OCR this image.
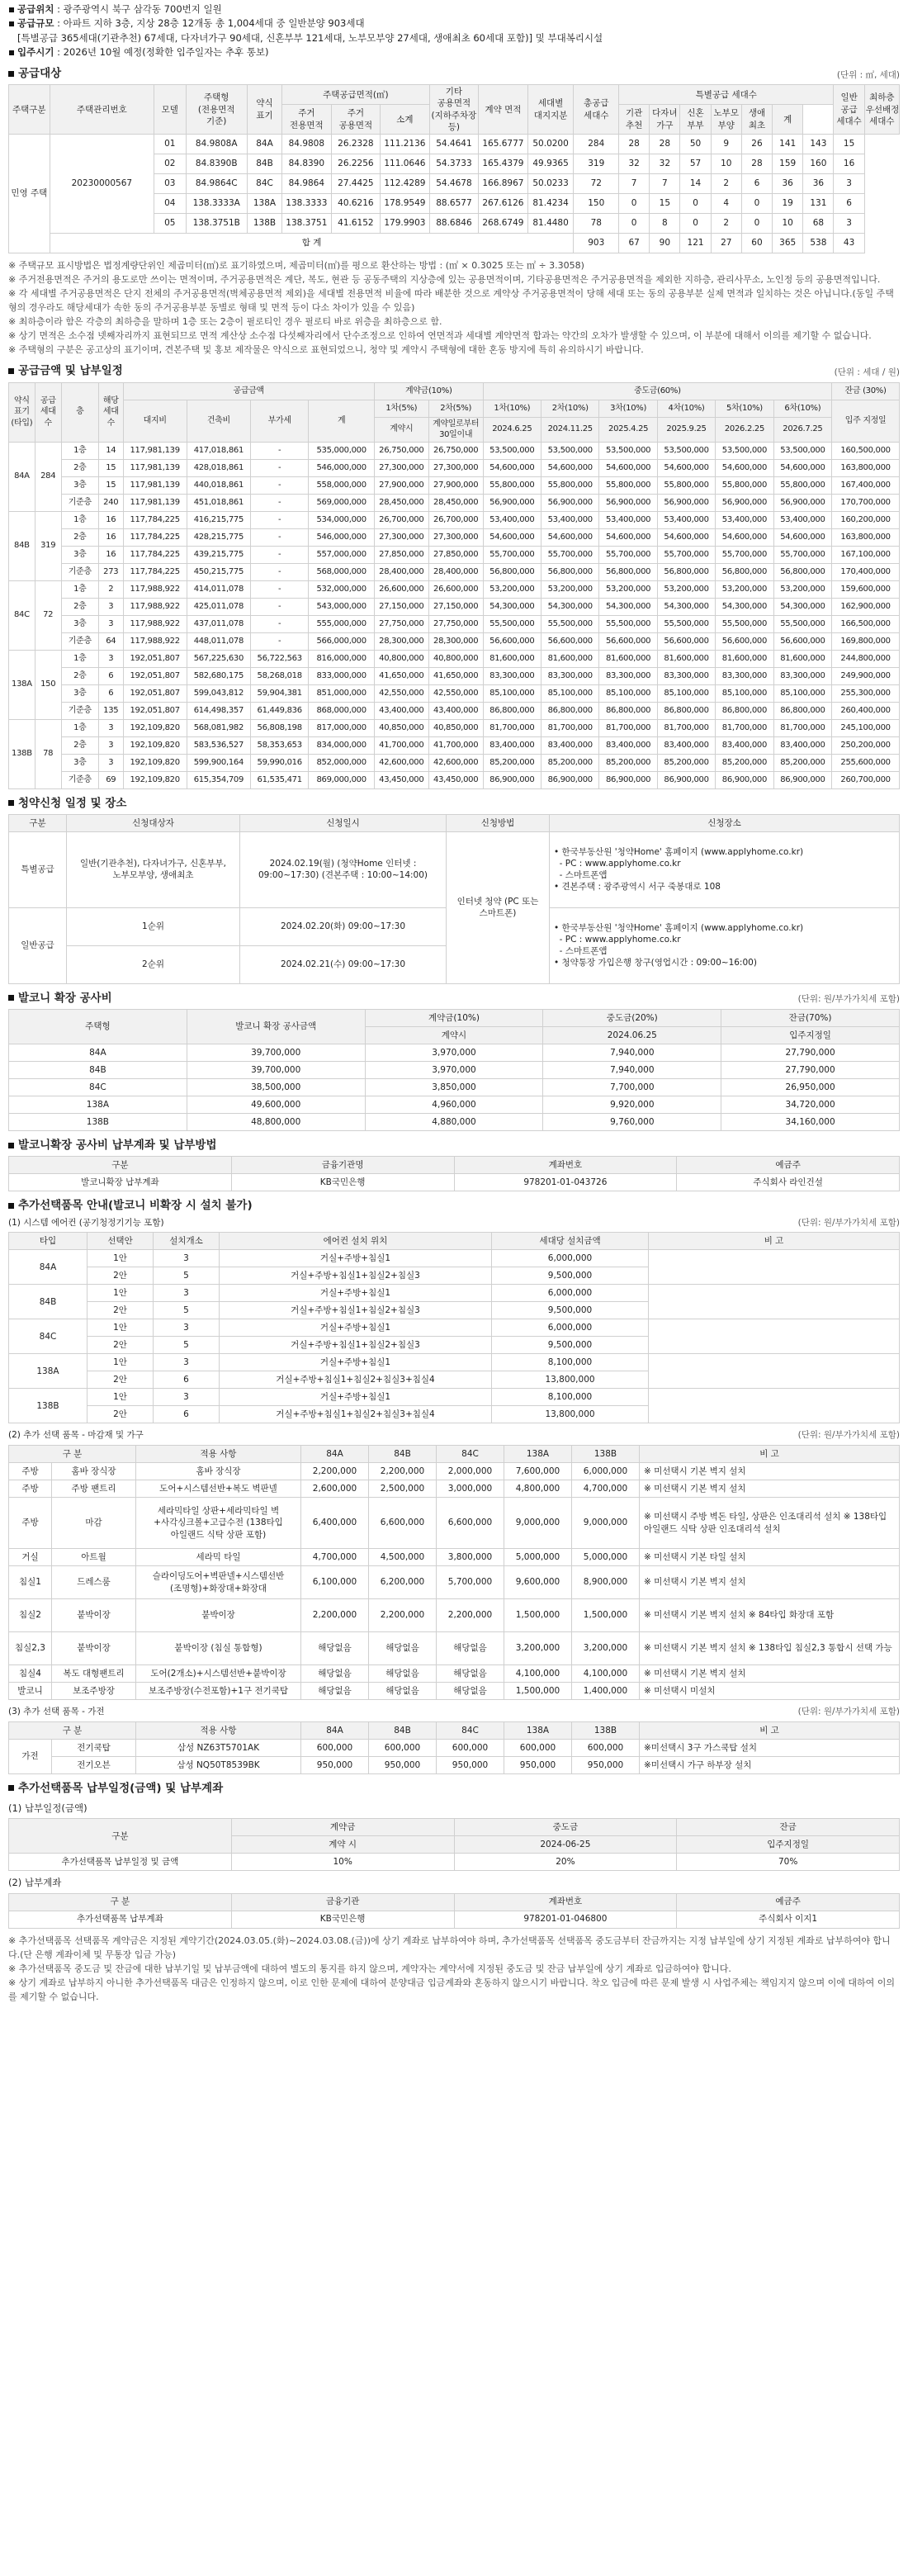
공급위치 : 광주광역시 북구 삼각동 700번지 일원
공급규모 : 아파트 지하 3층, 지상 28층 12개동 총 1,004세대 중 일반분양 903세대
[특별공급 365세대(기관추천) 67세대, 다자녀가구 90세대, 신혼부부 121세대, 노부모부양 27세대, 생애최초 60세대 포함)] 및 부대복리시설
입주시기 : 2026년 10월 예정(정확한 입주일자는 추후 통보)
공급대상	(단위 : ㎡, 세대)
주택구분	주택관리번호	모델	주택형 (전용면적 기준)	약식 표기	주택공급면적(㎡)			기타 공용면적 (지하주차장 등)	계약 면적	세대별 대지지분	총공급 세대수	특별공급 세대수							일반 공급 세대수	최하층 우선배정 세대수
					주거 전용면적	주거 공용면적	소계					기관 추천	다자녀 가구	신혼 부부	노부모 부양	생애 최초	계		

민영 주택	20230000567	01	84.9808A	84A	84.9808	26.2328	111.2136	54.4641	165.6777	50.0200	284	28	28	50	9	26	141	143	15	
		02	84.8390B	84B	84.8390	26.2256	111.0646	54.3733	165.4379	49.9365	319	32	32	57	10	28	159	160	16	
		03	84.9864C	84C	84.9864	27.4425	112.4289	54.4678	166.8967	50.0233	72	7	7	14	2	6	36	36	3	
		04	138.3333A	138A	138.3333	40.6216	178.9549	88.6577	267.6126	81.4234	150	0	15	0	4	0	19	131	6	
		05	138.3751B	138B	138.3751	41.6152	179.9903	88.6846	268.6749	81.4480	78	0	8	0	2	0	10	68	3	
	합 계										903	67	90	121	27	60	365	538	43	
※ 주택규모 표시방법은 법정계량단위인 제곱미터(㎡)로 표기하였으며, 제곱미터(㎡)를 평으로 환산하는 방법 : (㎡ × 0.3025 또는 ㎡ ÷ 3.3058)
※ 주거전용면적은 주거의 용도로만 쓰이는 면적이며, 주거공용면적은 계단, 복도, 현관 등 공동주택의 지상층에 있는 공용면적이며, 기타공용면적은 주거공용면적을 제외한 지하층, 관리사무소, 노인정 등의 공용면적입니다.
※ 각 세대별 주거공용면적은 단지 전체의 주거공용면적(벽체공용면적 제외)을 세대별 전용면적 비율에 따라 배분한 것으로 계약상 주거공용면적이 당해 세대 또는 동의 공용부분 실제 면적과 일치하는 것은 아닙니다.(동일 주택형의 경우라도 해당세대가 속한 동의 주거공용부분 동별로 형태 및 면적 등이 다소 차이가 있을 수 있음)
※ 최하층이라 함은 각층의 최하층을 말하며 1층 또는 2층이 필로티인 경우 필로티 바로 위층을 최하층으로 함.
※ 상기 면적은 소수점 넷째자리까지 표현되므로 면적 계산상 소수점 다섯째자리에서 단수조정으로 인하여 연면적과 세대별 계약면적 합과는 약간의 오차가 발생할 수 있으며, 이 부분에 대해서 이의를 제기할 수 없습니다.
※ 주택형의 구분은 공고상의 표기이며, 견본주택 및 홍보 제작물은 약식으로 표현되었으니, 청약 및 계약시 주택형에 대한 혼동 방지에 특히 유의하시기 바랍니다.
공급금액 및 납부일정	(단위 : 세대 / 원)
약식 표기 (타입)	공급 세대 수	층	해당 세대 수	공급금액				계약금(10%)		중도금(60%)						잔금 (30%)
				대지비	건축비	부가세	계	1차(5%)	2차(5%)	1차(10%)	2차(10%)	3차(10%)	4차(10%)	5차(10%)	6차(10%)	입주 지정일
								계약시	계약일로부터 30일이내	2024.6.25	2024.11.25	2025.4.25	2025.9.25	2026.2.25	2026.7.25	
84A	284	1층	14	117,981,139	417,018,861	-	535,000,000	26,750,000	26,750,000	53,500,000	53,500,000	53,500,000	53,500,000	53,500,000	53,500,000	160,500,000
		2층	15	117,981,139	428,018,861	-	546,000,000	27,300,000	27,300,000	54,600,000	54,600,000	54,600,000	54,600,000	54,600,000	54,600,000	163,800,000
		3층	15	117,981,139	440,018,861	-	558,000,000	27,900,000	27,900,000	55,800,000	55,800,000	55,800,000	55,800,000	55,800,000	55,800,000	167,400,000
		기준층	240	117,981,139	451,018,861	-	569,000,000	28,450,000	28,450,000	56,900,000	56,900,000	56,900,000	56,900,000	56,900,000	56,900,000	170,700,000
84B	319	1층	16	117,784,225	416,215,775	-	534,000,000	26,700,000	26,700,000	53,400,000	53,400,000	53,400,000	53,400,000	53,400,000	53,400,000	160,200,000
		2층	16	117,784,225	428,215,775	-	546,000,000	27,300,000	27,300,000	54,600,000	54,600,000	54,600,000	54,600,000	54,600,000	54,600,000	163,800,000
		3층	16	117,784,225	439,215,775	-	557,000,000	27,850,000	27,850,000	55,700,000	55,700,000	55,700,000	55,700,000	55,700,000	55,700,000	167,100,000
		기준층	273	117,784,225	450,215,775	-	568,000,000	28,400,000	28,400,000	56,800,000	56,800,000	56,800,000	56,800,000	56,800,000	56,800,000	170,400,000
84C	72	1층	2	117,988,922	414,011,078	-	532,000,000	26,600,000	26,600,000	53,200,000	53,200,000	53,200,000	53,200,000	53,200,000	53,200,000	159,600,000
		2층	3	117,988,922	425,011,078	-	543,000,000	27,150,000	27,150,000	54,300,000	54,300,000	54,300,000	54,300,000	54,300,000	54,300,000	162,900,000
		3층	3	117,988,922	437,011,078	-	555,000,000	27,750,000	27,750,000	55,500,000	55,500,000	55,500,000	55,500,000	55,500,000	55,500,000	166,500,000
		기준층	64	117,988,922	448,011,078	-	566,000,000	28,300,000	28,300,000	56,600,000	56,600,000	56,600,000	56,600,000	56,600,000	56,600,000	169,800,000
138A	150	1층	3	192,051,807	567,225,630	56,722,563	816,000,000	40,800,000	40,800,000	81,600,000	81,600,000	81,600,000	81,600,000	81,600,000	81,600,000	244,800,000
		2층	6	192,051,807	582,680,175	58,268,018	833,000,000	41,650,000	41,650,000	83,300,000	83,300,000	83,300,000	83,300,000	83,300,000	83,300,000	249,900,000
		3층	6	192,051,807	599,043,812	59,904,381	851,000,000	42,550,000	42,550,000	85,100,000	85,100,000	85,100,000	85,100,000	85,100,000	85,100,000	255,300,000
		기준층	135	192,051,807	614,498,357	61,449,836	868,000,000	43,400,000	43,400,000	86,800,000	86,800,000	86,800,000	86,800,000	86,800,000	86,800,000	260,400,000
138B	78	1층	3	192,109,820	568,081,982	56,808,198	817,000,000	40,850,000	40,850,000	81,700,000	81,700,000	81,700,000	81,700,000	81,700,000	81,700,000	245,100,000
		2층	3	192,109,820	583,536,527	58,353,653	834,000,000	41,700,000	41,700,000	83,400,000	83,400,000	83,400,000	83,400,000	83,400,000	83,400,000	250,200,000
		3층	3	192,109,820	599,900,164	59,990,016	852,000,000	42,600,000	42,600,000	85,200,000	85,200,000	85,200,000	85,200,000	85,200,000	85,200,000	255,600,000
		기준층	69	192,109,820	615,354,709	61,535,471	869,000,000	43,450,000	43,450,000	86,900,000	86,900,000	86,900,000	86,900,000	86,900,000	86,900,000	260,700,000
청약신청 일정 및 장소
구분	신청대상자	신청일시	신청방법	신청장소
특별공급	일반(기관추천), 다자녀가구, 신혼부부, 노부모부양, 생애최초	2024.02.19(월) (청약Home 인터넷 : 09:00~17:30) (견본주택 : 10:00~14:00)	인터넷 청약 (PC 또는 스마트폰)	• 한국부동산원 '청약Home' 홈페이지 (www.applyhome.co.kr)
- PC : www.applyhome.co.kr
- 스마트폰앱
• 견본주택 : 광주광역시 서구 죽봉대로 108

일반공급	1순위	2024.02.20(화) 09:00~17:30		• 한국부동산원 '청약Home' 홈페이지 (www.applyhome.co.kr)
- PC : www.applyhome.co.kr
- 스마트폰앱
• 청약통장 가입은행 창구(영업시간 : 09:00~16:00)

	2순위	2024.02.21(수) 09:00~17:30		
발코니 확장 공사비	(단위: 원/부가가치세 포함)
주택형	발코니 확장 공사금액	계약금(10%)	중도금(20%)	잔금(70%)
		계약시	2024.06.25	입주지정일
84A	39,700,000	3,970,000	7,940,000	27,790,000
84B	39,700,000	3,970,000	7,940,000	27,790,000
84C	38,500,000	3,850,000	7,700,000	26,950,000
138A	49,600,000	4,960,000	9,920,000	34,720,000
138B	48,800,000	4,880,000	9,760,000	34,160,000
발코니확장 공사비 납부계좌 및 납부방법
구분	금융기관명	계좌번호	예금주
발코니확장 납부계좌	KB국민은행	978201-01-043726	주식회사 라인건설
추가선택품목 안내(발코니 비확장 시 설치 불가)
(1) 시스템 에어컨 (공기청정기기능 포함)	(단위: 원/부가가치세 포함)
타입	선택안	설치개소	에어컨 설치 위치	세대당 설치금액	비 고
84A	1안	3	거실+주방+침실1	6,000,000	
	2안	5	거실+주방+침실1+침실2+침실3	9,500,000	
84B	1안	3	거실+주방+침실1	6,000,000	
	2안	5	거실+주방+침실1+침실2+침실3	9,500,000	
84C	1안	3	거실+주방+침실1	6,000,000	
	2안	5	거실+주방+침실1+침실2+침실3	9,500,000	
138A	1안	3	거실+주방+침실1	8,100,000	
	2안	6	거실+주방+침실1+침실2+침실3+침실4	13,800,000	
138B	1안	3	거실+주방+침실1	8,100,000	
	2안	6	거실+주방+침실1+침실2+침실3+침실4	13,800,000	
(2) 추가 선택 품목 - 마감재 및 가구	(단위: 원/부가가치세 포함)
구 분		적용 사항	84A	84B	84C	138A	138B	비 고
주방	홈바 장식장	홈바 장식장	2,200,000	2,200,000	2,000,000	7,600,000	6,000,000	※ 미선택시 기본 벽지 설치
주방	주방 팬트리	도어+시스템선반+복도 벽판넬	2,600,000	2,500,000	3,000,000	4,800,000	4,700,000	※ 미선택시 기본 벽지 설치
주방	마감	세라믹타일 상판+세라믹타일 벽 +사각싱크볼+고급수전 (138타입 아일랜드 식탁 상판 포함)	6,400,000	6,600,000	6,600,000	9,000,000	9,000,000	※ 미선택시 주방 벽돈 타일, 상판은 인조대리석 설치 ※ 138타입 아일랜드 식탁 상판 인조대리석 설치
거실	아트월	세라믹 타일	4,700,000	4,500,000	3,800,000	5,000,000	5,000,000	※ 미선택시 기본 타일 설치
침실1	드레스룸	슬라이딩도어+벽판넬+시스템선반 (조명형)+화장대+화장대	6,100,000	6,200,000	5,700,000	9,600,000	8,900,000	※ 미선택시 기본 벽지 설치
침실2	붙박이장	붙박이장	2,200,000	2,200,000	2,200,000	1,500,000	1,500,000	※ 미선택시 기본 벽지 설치 ※ 84타입 화장대 포함
침실2,3	붙박이장	붙박이장 (침실 통합형)	해당없음	해당없음	해당없음	3,200,000	3,200,000	※ 미선택시 기본 벽지 설치 ※ 138타입 침실2,3 통합시 선택 가능
침실4	복도 대형팬트리	도어(2개소)+시스템선반+붙박이장	해당없음	해당없음	해당없음	4,100,000	4,100,000	※ 미선택시 기본 벽지 설치
발코니	보조주방장	보조주방장(수전포함)+1구 전기쿡탑	해당없음	해당없음	해당없음	1,500,000	1,400,000	※ 미선택시 미설치
(3) 추가 선택 품목 - 가전	(단위: 원/부가가치세 포함)
구 분		적용 사항	84A	84B	84C	138A	138B	비 고
가전	전기쿡탑	삼성 NZ63T5701AK	600,000	600,000	600,000	600,000	600,000	※미선택시 3구 가스쿡탑 설치
	전기오븐	삼성 NQ50T8539BK	950,000	950,000	950,000	950,000	950,000	※미선택시 가구 하부장 설치
추가선택품목 납부일정(금액) 및 납부계좌
(1) 납부일정(금액)
구분	계약금	중도금	잔금
	계약 시	2024-06-25	입주지정일
추가선택품목 납부일정 및 금액	10%	20%	70%
(2) 납부계좌
구 분	금융기관	계좌번호	예금주
추가선택품목 납부계좌	KB국민은행	978201-01-046800	주식회사 이지1
※ 추가선택품목 선택품목 계약금은 지정된 계약기간(2024.03.05.(화)~2024.03.08.(금))에 상기 계좌로 납부하여야 하며, 추가선택품목 선택품목 중도금부터 잔금까지는 지정 납부일에 상기 지정된 계좌로 납부하여야 합니다.(단 은행 계좌이체 및 무통장 입금 가능)
※ 추가선택품목 중도금 및 잔금에 대한 납부기일 및 납부금액에 대하여 별도의 통지를 하지 않으며, 계약자는 계약서에 지정된 중도금 및 잔금 납부일에 상기 계좌로 입금하여야 합니다.
※ 상기 계좌로 납부하지 아니한 추가선택품목 대금은 인정하지 않으며, 이로 인한 문제에 대하여 분양대금 입금계좌와 혼동하지 않으시기 바랍니다. 착오 입금에 따른 문제 발생 시 사업주체는 책임지지 않으며 이에 대하여 이의를 제기할 수 없습니다.
